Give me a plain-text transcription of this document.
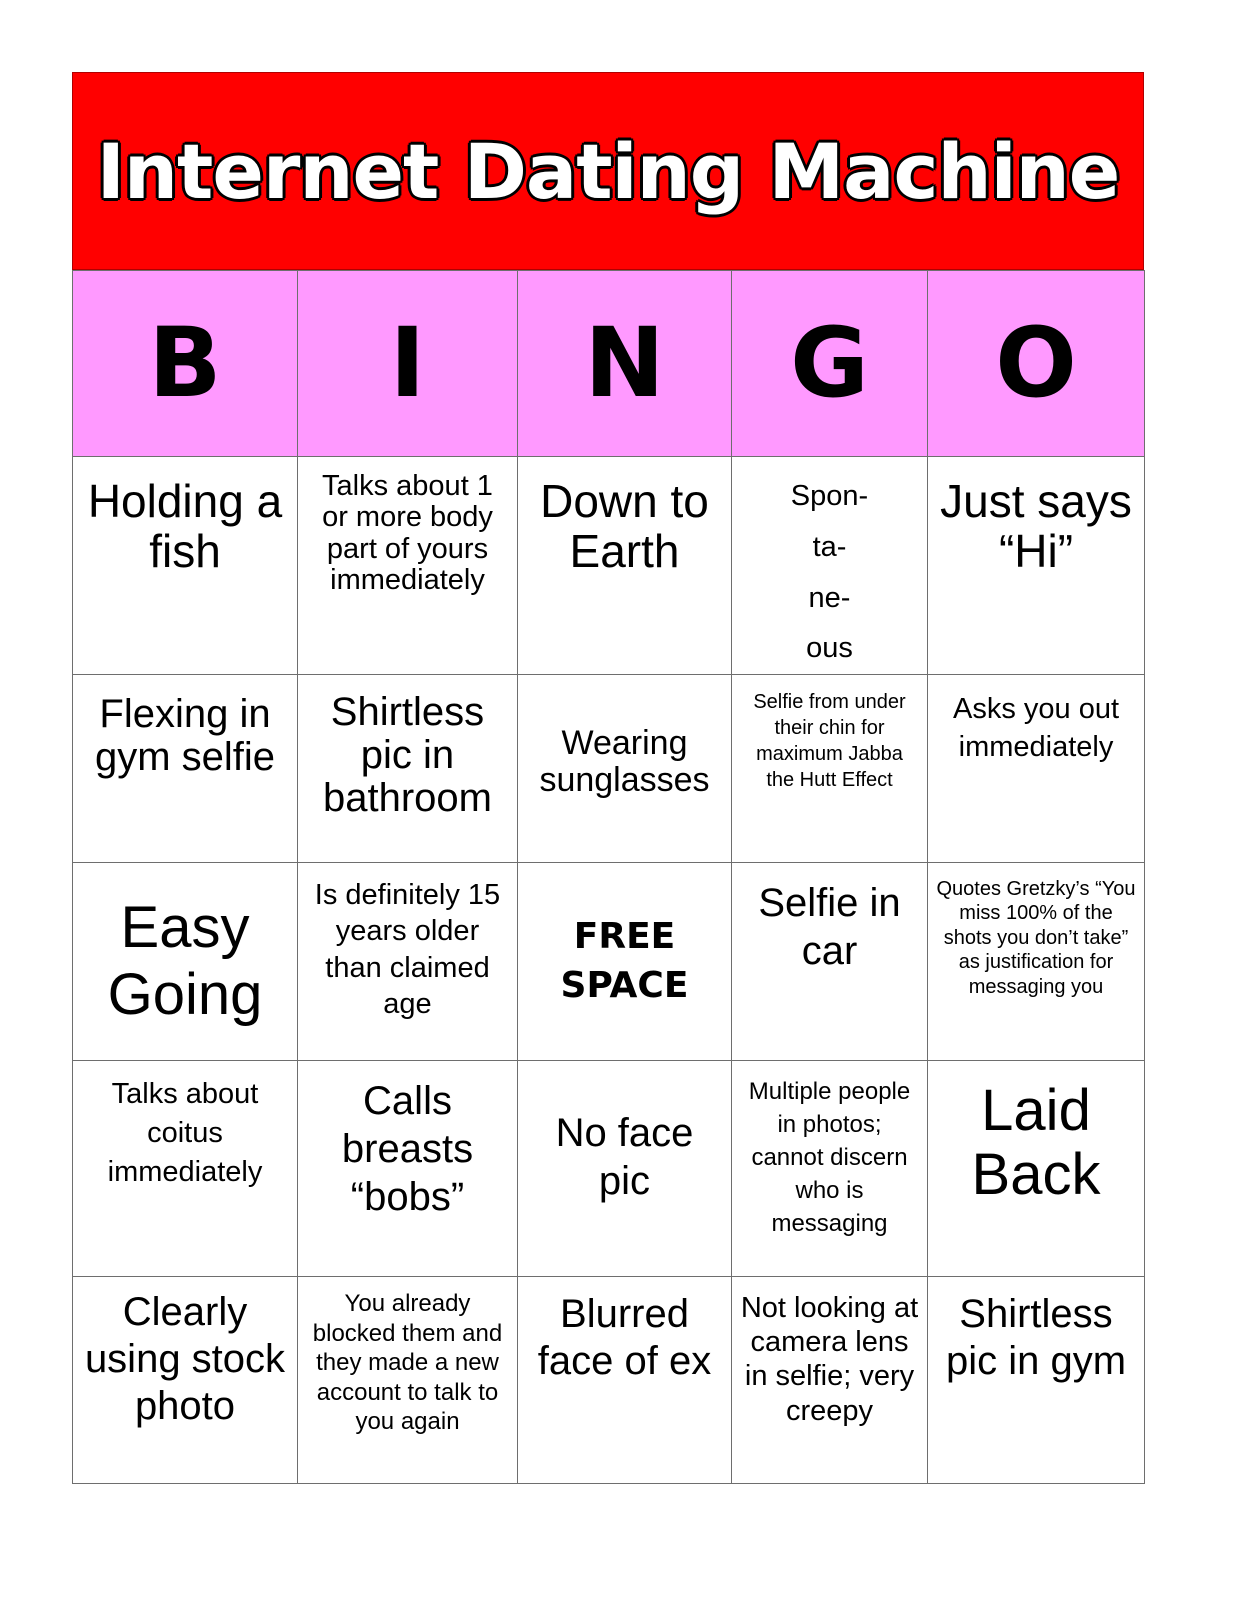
Internet Dating Machine
B	I	N	G	O
Holding a fish	Talks about 1 or more body part of yours immediately	Down to Earth	Spon-
ta-
ne-
ous	Just says “Hi”
Flexing in gym selfie	Shirtless pic in bathroom	Wearing sunglasses	Selfie from under their chin for maximum Jabba the Hutt Effect	Asks you out immediately
Easy Going	Is definitely 15 years older than claimed age	FREE SPACE	Selfie in car	Quotes Gretzky’s “You miss 100% of the shots you don’t take” as justification for messaging you
Talks about coitus immediately	Calls breasts “bobs”	No face pic	Multiple people in photos; cannot discern who is messaging	Laid Back
Clearly using stock photo	You already blocked them and they made a new account to talk to you again	Blurred face of ex	Not looking at camera lens in selfie; very creepy	Shirtless pic in gym
